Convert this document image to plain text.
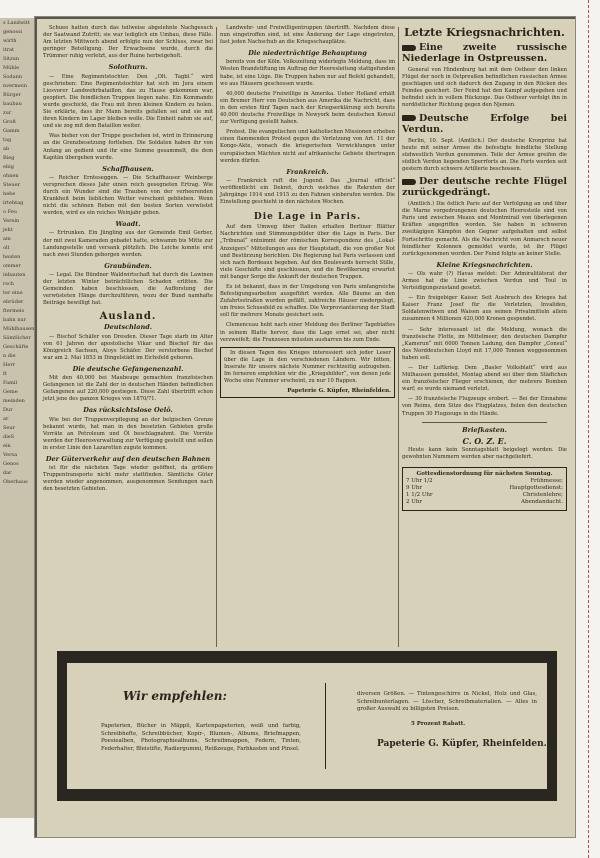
s Landwitt
genossi
wirth
itrat
Sitzun
Mühle
Sodann
nvermein
Bürger
baubau
zur
Groß
Gamm
tag
ab
Bieg
ebig
ohnen
Steuer
hebe
irtehtag
o Feu
Verein
jeht
am
olt
heaten
ommer
inbauten
rsch
ter eine
ebrüder
ftermeis
bahn nur
Mühlhausen
Sämtlicher
Geschäfte
n die
Herr
ft
Famil
Geme
meinden
Dur
ar
Seur
dieS
ein
Versa
Genos
dar
Oberhaus

Schuee hatten durch das teilweise abgelehnte Nachgesuch der Saatwand Zutritt; sie war lediglich ein Umbau, diese Fälle. Am letzten Mittwoch abend erfolgte nun der Schluss, zwar bei geringer Beteiligung. Der Erwachsene wurde, durch die Trümmer ruhig verletzt, aus der Ruine herbeigeholt.

Solothurn.

— Eine Regimentstochter. Den „Olt. Tagbl.“ wird geschrieben: Eine Regimentstochter hat sich im Jura einem Liesvorer Landwehrbataillon, das zu Hause gekommen war, geopfert. Die feindlichen Truppen liegen nahe. Ein Kommando wurde geschickt, die Frau mit ihren kleinen Kindern zu holen. Sie erklärte, dass ihr Mann bereits gefallen sei und sie mit ihren Kindern im Lager bleiben wolle. Die Einheit nahm sie auf, und sie zog mit dem Bataillon weiter.

Was bisher von der Truppe geschehen ist, wird in Erinnerung an die Grenzbesetzung fortleben. Die Soldaten haben ihr von Anfang an gedient und ihr eine Summe gesammelt, die dem Kapitän übergeben wurde.

Schaffhausen.

— Reicher Ernteseggen. — Die Schaffhauser Weinberge versprechen dieses Jahr einen reich gesegneten Ertrag. Wie durch ein Wunder sind die Trauben von der verheerenden Krankheit beim lieblichen Wetter verschont geblieben. Wenn nicht die schönen Reben mit den besten Sorten verwüstet werden, wird es ein reiches Weinjahr geben.

Waadt.

— Ertrunken. Ein Jüngling aus der Gemeinde Emil Gerber, der mit zwei Kameraden gebadet hatte, schwamm bis Mitte zur Landungsstelle und versank plötzlich. Die Leiche konnte erst nach zwei Stunden geborgen werden.

Graubünden.

— Legal. Die Bündner Waldwirtschaft hat durch die Lawinen der letzten Winter beträchtlichen Schaden erlitten. Die Gemeinden haben beschlossen, die Aufforstung der verwüsteten Hänge durchzuführen, wozu der Bund namhafte Beiträge bewilligt hat.

Ausland.
Deutschland.

— Bischof Schäfer von Dresden. Dieser Tage starb im Alter von 61 Jahren der apostolische Vikar und Bischof für das Königreich Sachsen, Aloys Schäfer. Der verstorbene Bischof war am 2. Mai 1853 in Dingelstädt im Eichsfeld geboren.

Die deutsche Gefangenenzahl.

Mit den 40,000 bei Maubeuge gemachten französischen Gefangenen ist die Zahl der in deutschen Händen befindlichen Gefangenen auf 220,000 gestiegen. Diese Zahl übertrifft schon jetzt jene des ganzen Krieges von 1870/71.

Das rücksichtslose Oelö.

Wie bei der Truppenverpflegung an der belgischen Grenze bekannt wurde, hat man in den besetzten Gebieten große Vorräte an Petroleum und Öl beschlagnahmt. Die Vorräte werden der Heeresverwaltung zur Verfügung gestellt und sollen in erster Linie den Lazaretten zugute kommen.

Der Güterverkehr auf den deutschen Bahnen

ist für die nächsten Tage wieder geöffnet, da größere Truppentransporte nicht mehr stattfinden. Sämtliche Güter werden wieder angenommen, ausgenommen Sendungen nach den besetzten Gebieten.

Landwehr- und Freiwilligentruppen übertrifft. Nachdem diese nun eingetroffen sind, ist eine Änderung der Lage eingetreten, fast jeden Nachschub an die Kriegsschauplätze.

Die niederträchtige Behauptung

bereits von der Köln. Volkszeitung widerlegte Meldung, dass im Westen Brandstiftung im Auftrag der Heeresleitung stattgefunden habe, ist eine Lüge. Die Truppen haben nur auf Befehl gehandelt, wo aus Häusern geschossen wurde.

40,000 deutsche Freiwillige in Amerika. Ueber Holland erhält ein Bremer Herr von Deutschen aus Amerika die Nachricht, dass in den ersten fünf Tagen nach der Kriegserklärung sich bereits 40,000 deutsche Freiwillige in Newyork beim deutschen Konsul zur Verfügung gestellt haben.

Protest. Die evangelischen und katholischen Missionen erheben einen flammenden Protest gegen die Verletzung von Art. 11 der Kongo-Akte, wonach die kriegerischen Verwicklungen unter europäischen Mächten nicht auf afrikanische Gebiete übertragen werden dürfen.

Frankreich.

— Frankreich ruft die Jugend. Das „Journal officiel“ veröffentlicht ein Dekret, durch welches die Rekruten der Jahrgänge 1914 und 1915 zu den Fahnen einberufen werden. Die Einstellung geschieht in den nächsten Wochen.

Die Lage in Paris.

Auf dem Umweg über Italien erhalten Berliner Blätter Nachrichten und Stimmungsbilder über die Lage in Paris. Der „Tribunal“ entnimmt der römischen Korrespondenz des „Lokal-Anzeigers“ Mitteilungen aus der Hauptstadt, die von großer Not und Bestürzung berichten. Die Regierung hat Paris verlassen und sich nach Bordeaux begeben. Auf den Boulevards herrscht Stille, viele Geschäfte sind geschlossen, und die Bevölkerung erwartet mit banger Sorge die Ankunft der deutschen Truppen.

Es ist bekannt, dass in der Umgebung von Paris umfangreiche Befestigungsarbeiten ausgeführt werden. Alle Bäume an den Zufahrtsstraßen wurden gefällt, zahlreiche Häuser niedergelegt, um freies Schussfeld zu schaffen. Die Verproviantierung der Stadt soll für mehrere Monate gesichert sein.

Clemenceau hebt nach einer Meldung des Berliner Tageblattes in seinem Blatte hervor, dass die Lage ernst sei, aber nicht verzweifelt; die Franzosen müssten ausharren bis zum Ende.

In diesen Tagen des Krieges interessiert sich jeder Leser über die Lage in den verschiedenen Ländern. Wir bitten, Inserate für unsere nächste Nummer rechtzeitig aufzugeben. Im ferneren empfehlen wir die „Kriegsbilder“, von denen jede Woche eine Nummer erscheint, zu nur 10 Rappen.

Papeterie G. Küpfer, Rheinfelden.
Letzte Kriegsnachrichten.
Eine zweite russische Niederlage in Ostpreussen.

General von Hindenburg hat mit dem Ostheer den linken Flügel der noch in Ostpreußen befindlichen russischen Armee geschlagen und sich dadurch den Zugang in den Rücken des Feindes gesichert. Der Feind hat den Kampf aufgegeben und befindet sich in vollem Rückzuge. Das Ostheer verfolgt ihn in nordöstlicher Richtung gegen den Njemen.

Deutsche Erfolge bei Verdun.

Berlin, 10. Sept. (Amtlich.) Der deutsche Kronprinz hat heute mit seiner Armee die befestigte feindliche Stellung südwestlich Verdun genommen. Teile der Armee greifen die südlich Verdun liegenden Sperrforts an. Die Forts werden seit gestern durch schwere Artillerie beschossen.

Der deutsche rechte Flügel zurückgedrängt.

(Amtlich.) Die östlich Paris auf der Verfolgung an und über die Marne vorgedrungenen deutschen Heeresteile sind von Paris und zwischen Meaux und Montmirail von überlegenen Kräften angegriffen worden. Sie haben in schweren zweitägigen Kämpfen den Gegner aufgehalten und selbst Fortschritte gemacht. Als die Nachricht vom Anmarsch neuer feindlicher Kolonnen gemeldet wurde, ist ihr Flügel zurückgenommen worden. Der Feind folgte an keiner Stelle.

Kleine Kriegsnachrichten.

— Ols wahr (?) Havas meldet: Der Admiralitätsrat der Armee hat die Linie zwischen Verdun und Toul in Verteidigungszustand gesetzt.

— Ein freigebiger Kaiser. Seit Ausbruch des Krieges hat Kaiser Franz Josef für die Verletzten, Invaliden, Soldatenwitwen und Waisen aus seinen Privatmitteln allein zusammen 4 Millionen 420,000 Kronen gespendet.

— Sehr interessant ist die Meldung, wonach die französische Flotte, im Mittelmeer, den deutschen Dampfer „Kamerun“ mit 6000 Tonnen Ladung, den Dampfer „Consul“ des Norddeutschen Lloyd mit 17,000 Tonnen weggenommen haben soll.

— Der Luftkrieg. Dem „Basler Volksblatt“ wird aus Mülhausen gemeldet, Montag abend sei über dem Städtchen ein französischer Flieger erschienen, der mehrere Bomben warf; es wurde niemand verletzt.

— 30 französische Flugzeuge erobert. — Bei der Einnahme von Reims, dem Sitze des Flugplatzes, fielen den deutschen Truppen 30 Flugzeuge in die Hände.

Briefkasten.
C. O. Z. E.

Heute kann kein Sonntagsblatt beigelegt werden. Die gewohnten Nummern werden aber nachgeliefert.

Gottesdienstordnung für nächsten Sonntag.
7 Uhr 1/2	Frühmesse;
9 Uhr	Hauptgottesdienst;
1 1/2 Uhr	Christenlehre;
2 Uhr	Abendandacht.
Wir empfehlen:
Papeterien, Bücher in Mäppli, Kartenpapeterien, weiß und farbig, Schreibhefte, Schreibbücher, Kopir-, Blumen-, Albums, Briefmappen, Poesiealben, Photographiealbums, Schreibmappen, Federn, Tinten, Federhalter, Bleistifte, Radiergummi, Reißzeuge, Farbkasten und Pinsel.
diversen Größen. — Tintengeschirre in Nickel, Holz und Glas, Schreibunterlagen. — Löscher, Schreibmaterialien. — Alles in großer Auswahl zu billigsten Preisen.
5 Prozent Rabatt.
Papeterie G. Küpfer, Rheinfelden.
